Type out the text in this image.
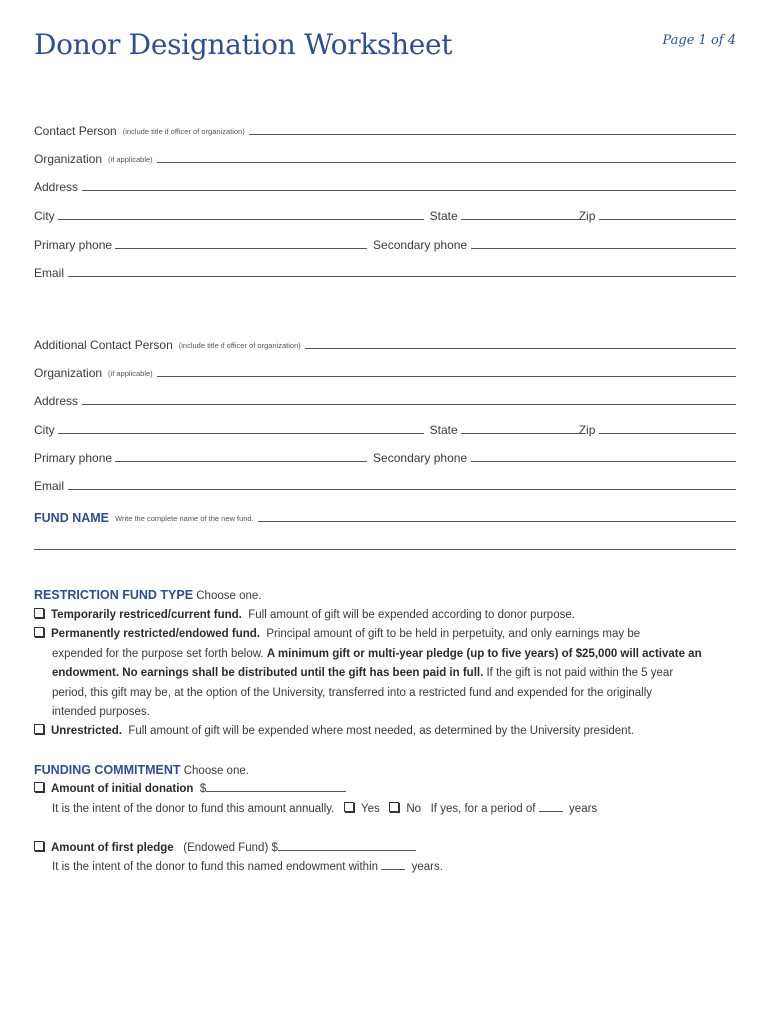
Donor Designation Worksheet	Page 1 of 4
Contact Person (include title if officer of organization)
Organization (if applicable)
Address
City	State	Zip
Primary phone	Secondary phone
Email
Additional Contact Person (include title if officer of organization)
Organization (if applicable)
Address
City	State	Zip
Primary phone	Secondary phone
Email
FUND NAME Write the complete name of the new fund.
RESTRICTION FUND TYPE Choose one.
Temporarily restriced/current fund. Full amount of gift will be expended according to donor purpose.
Permanently restricted/endowed fund. Principal amount of gift to be held in perpetuity, and only earnings may be
expended for the purpose set forth below. A minimum gift or multi-year pledge (up to five years) of $25,000 will activate an
endowment. No earnings shall be distributed until the gift has been paid in full. If the gift is not paid within the 5 year
period, this gift may be, at the option of the University, transferred into a restricted fund and expended for the originally
intended purposes.
Unrestricted. Full amount of gift will be expended where most needed, as determined by the University president.
FUNDING COMMITMENT Choose one.
Amount of initial donation $
It is the intent of the donor to fund this amount annually. Yes No If yes, for a period of	years
Amount of first pledge (Endowed Fund) $
It is the intent of the donor to fund this named endowment within	years.
